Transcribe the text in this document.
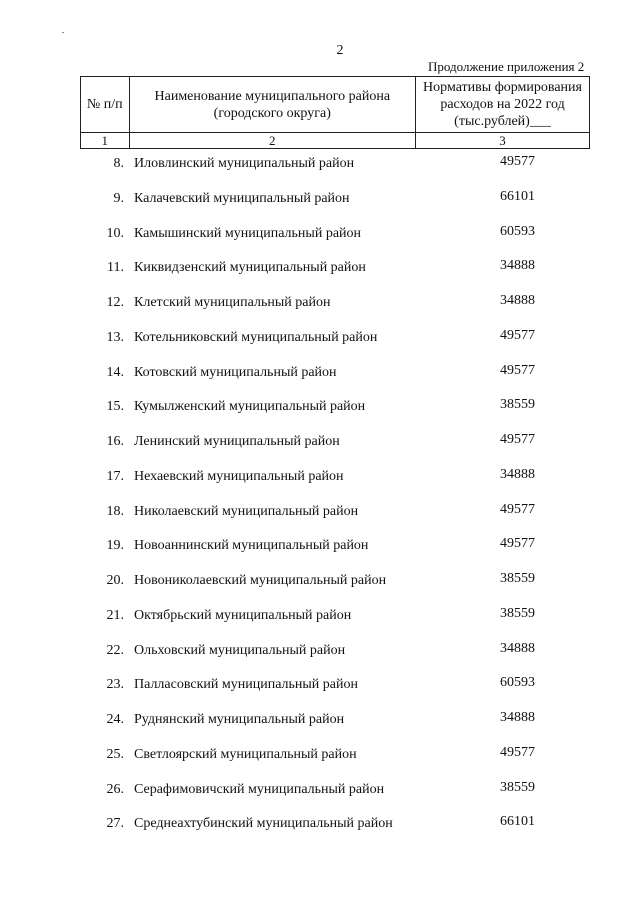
2
Продолжение приложения 2
№ п/п	Наименование муниципального района (городского округа)	Нормативы формирования расходов на 2022 год (тыс.рублей)___
1	2	3
8. Иловлинский муниципальный район	49577
9. Калачевский муниципальный район	66101
10. Камышинский муниципальный район	60593
11. Киквидзенский муниципальный район	34888
12. Клетский муниципальный район	34888
13. Котельниковский муниципальный район	49577
14. Котовский муниципальный район	49577
15. Кумылженский муниципальный район	38559
16. Ленинский муниципальный район	49577
17. Нехаевский муниципальный район	34888
18. Николаевский муниципальный район	49577
19. Новоаннинский муниципальный район	49577
20. Новониколаевский муниципальный район	38559
21. Октябрьский муниципальный район	38559
22. Ольховский муниципальный район	34888
23. Палласовский муниципальный район	60593
24. Руднянский муниципальный район	34888
25. Светлоярский муниципальный район	49577
26. Серафимовичский муниципальный район	38559
27. Среднеахтубинский муниципальный район	66101
